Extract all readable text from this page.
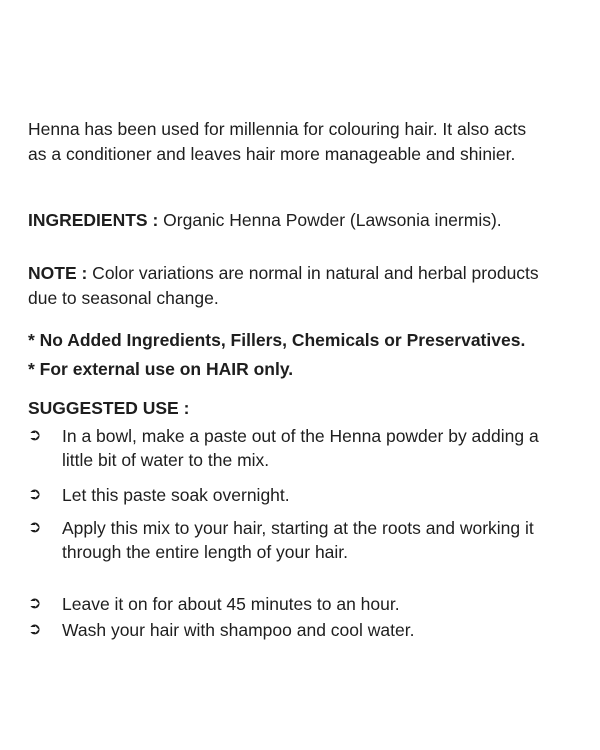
Henna has been used for millennia for colouring hair. It also acts as a conditioner and leaves hair more manageable and shinier.

INGREDIENTS : Organic Henna Powder (Lawsonia inermis).

NOTE : Color variations are normal in natural and herbal products due to seasonal change.

* No Added Ingredients, Fillers, Chemicals or Preservatives.
* For external use on HAIR only.

SUGGESTED USE :

➲	In a bowl, make a paste out of the Henna powder by adding a little bit of water to the mix.
➲	Let this paste soak overnight.
➲	Apply this mix to your hair, starting at the roots and working it through the entire length of your hair.
➲	Leave it on for about 45 minutes to an hour.
➲	Wash your hair with shampoo and cool water.
